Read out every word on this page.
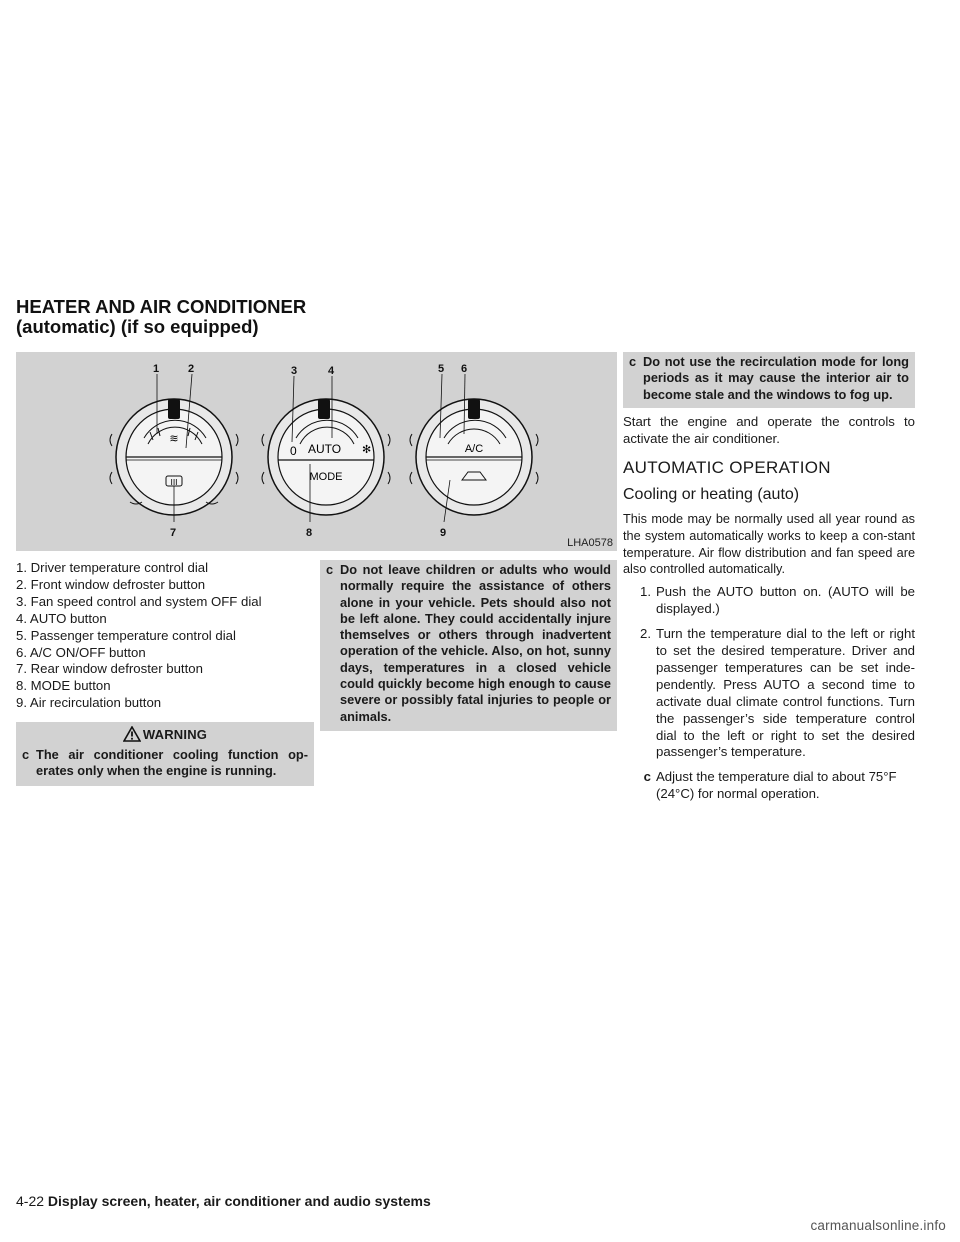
HEATER AND AIR CONDITIONER
(automatic) (if so equipped)
≋
III
0 AUTO ✻
MODE
A/C
1	2	3	4	5 6
7	8	9
LHA0578
1. Driver temperature control dial
2. Front window defroster button
3. Fan speed control and system OFF dial
4. AUTO button
5. Passenger temperature control dial
6. A/C ON/OFF button
7. Rear window defroster button
8. MODE button
9. Air recirculation button
WARNING
c The air conditioner cooling function op-erates only when the engine is running.
c Do not leave children or adults who would normally require the assistance of others alone in your vehicle. Pets should also not be left alone. They could accidentally injure themselves or others through inadvertent operation of the vehicle. Also, on hot, sunny days, temperatures in a closed vehicle could quickly become high enough to cause severe or possibly fatal injuries to people or animals.
c Do not use the recirculation mode for long periods as it may cause the interior air to become stale and the windows to fog up.

Start the engine and operate the controls to activate the air conditioner.

AUTOMATIC OPERATION
Cooling or heating (auto)

This mode may be normally used all year round as the system automatically works to keep a con-stant temperature. Air flow distribution and fan speed are also controlled automatically.

1. Push the AUTO button on. (AUTO will be displayed.)
2. Turn the temperature dial to the left or right to set the desired temperature. Driver and passenger temperatures can be set inde-pendently. Press AUTO a second time to activate dual climate control functions. Turn the passenger’s side temperature control dial to the left or right to set the desired passenger’s temperature.
c Adjust the temperature dial to about 75°F (24°C) for normal operation.
4-22 Display screen, heater, air conditioner and audio systems
carmanualsonline.info
